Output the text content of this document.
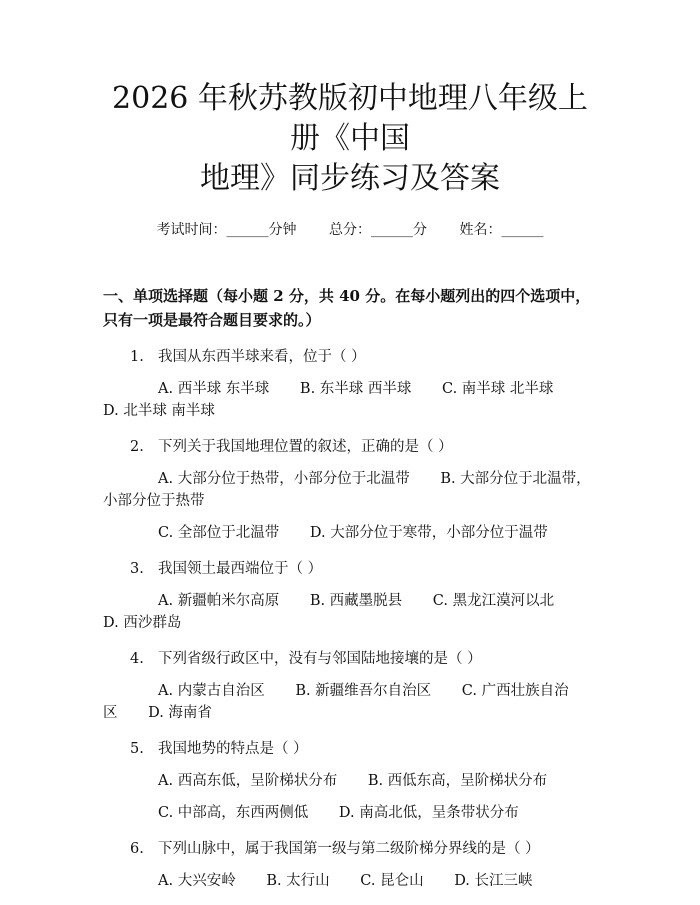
2026 年秋苏教版初中地理八年级上册《中国
地理》同步练习及答案
考试时间：______分钟 总分：______分 姓名：______
一、单项选择题（每小题 2 分，共 40 分。在每小题列出的四个选项中，只有一项是最符合题目要求的。）
1. 我国从东西半球来看，位于（ ）
A. 西半球 东半球 B. 东半球 西半球 C. 南半球 北半球 D. 北半球 南半球
2. 下列关于我国地理位置的叙述，正确的是（ ）
A. 大部分位于热带，小部分位于北温带 B. 大部分位于北温带，小部分位于热带
C. 全部位于北温带 D. 大部分位于寒带，小部分位于温带
3. 我国领土最西端位于（ ）
A. 新疆帕米尔高原 B. 西藏墨脱县 C. 黑龙江漠河以北 D. 西沙群岛
4. 下列省级行政区中，没有与邻国陆地接壤的是（ ）
A. 内蒙古自治区 B. 新疆维吾尔自治区 C. 广西壮族自治区 D. 海南省
5. 我国地势的特点是（ ）
A. 西高东低，呈阶梯状分布 B. 西低东高，呈阶梯状分布
C. 中部高，东西两侧低 D. 南高北低，呈条带状分布
6. 下列山脉中，属于我国第一级与第二级阶梯分界线的是（ ）
A. 大兴安岭 B. 太行山 C. 昆仑山 D. 长江三峡
